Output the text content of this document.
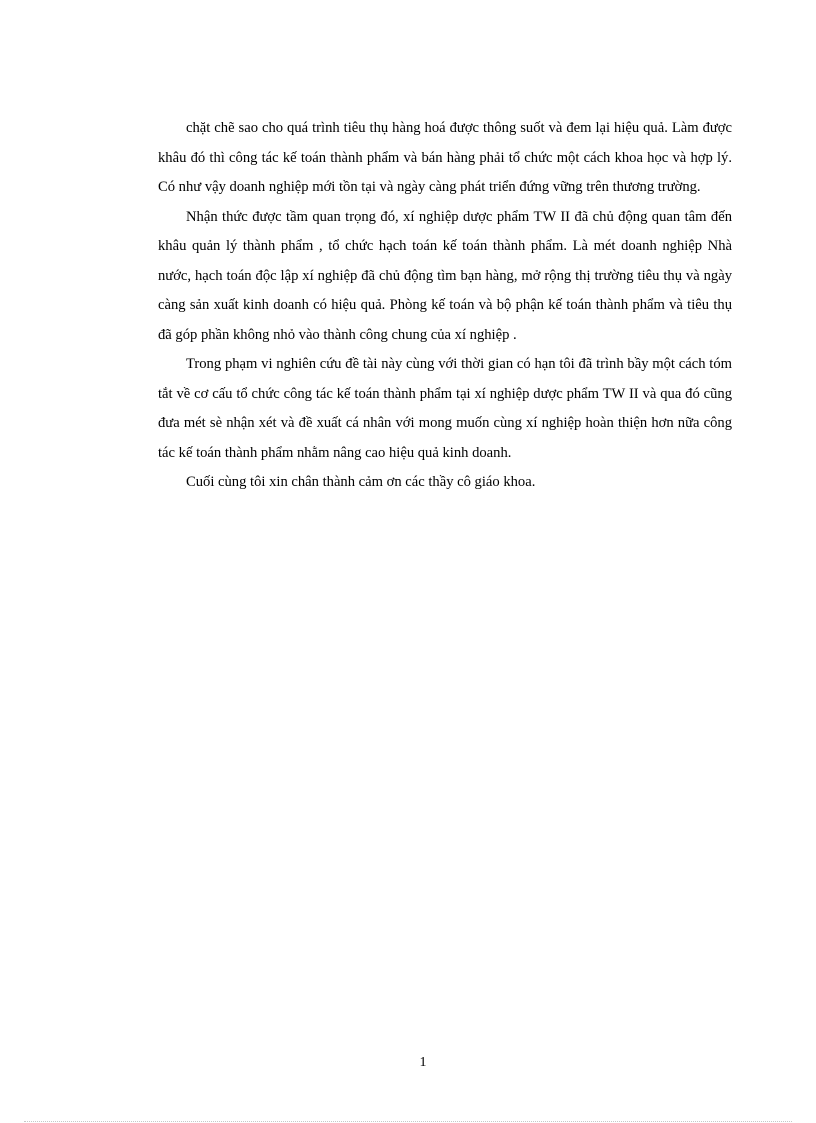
chặt chẽ sao cho quá trình tiêu thụ hàng hoá được thông suốt và đem lại hiệu quả. Làm được khâu đó thì công tác kế toán thành phẩm và bán hàng phải tổ chức một cách khoa học và hợp lý. Có như vậy doanh nghiệp mới tồn tại và ngày càng phát triển đứng vững trên thương trường.

Nhận thức được tầm quan trọng đó, xí nghiệp dược phẩm TW II đã chủ động quan tâm đến khâu quản lý thành phẩm , tổ chức hạch toán kế toán thành phẩm. Là mét doanh nghiệp Nhà nước, hạch toán độc lập xí nghiệp đã chủ động tìm bạn hàng, mở rộng thị trường tiêu thụ và ngày càng sản xuất kinh doanh có hiệu quả. Phòng kế toán và bộ phận kế toán thành phẩm và tiêu thụ đã góp phần không nhỏ vào thành công chung của xí nghiệp .

Trong phạm vi nghiên cứu đề tài này cùng với thời gian có hạn tôi đã trình bầy một cách tóm tắt về cơ cấu tổ chức công tác kế toán thành phẩm tại xí nghiệp dược phẩm TW II và qua đó cũng đưa mét sè nhận xét và đề xuất cá nhân với mong muốn cùng xí nghiệp hoàn thiện hơn nữa công tác kế toán thành phẩm nhằm nâng cao hiệu quả kinh doanh.

Cuối cùng tôi xin chân thành cảm ơn các thầy cô giáo khoa.

1
